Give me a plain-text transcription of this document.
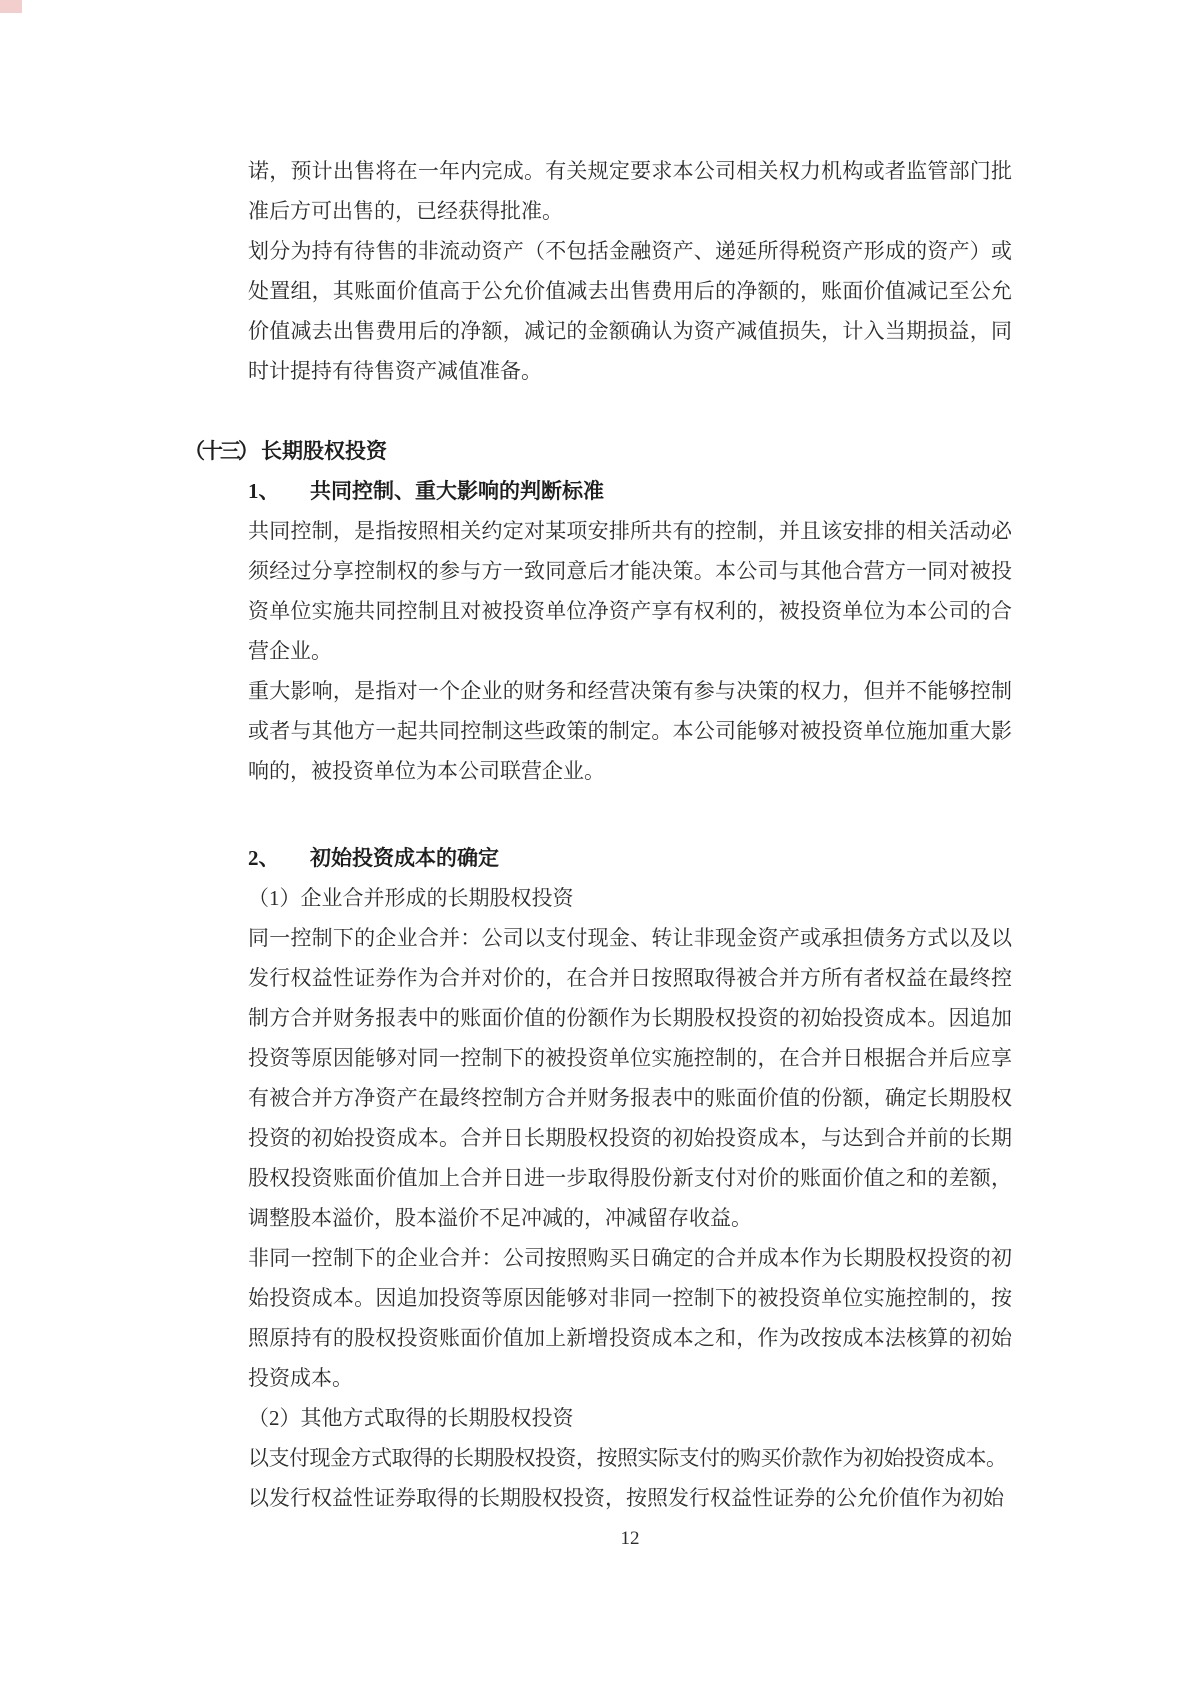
诺，预计出售将在一年内完成。有关规定要求本公司相关权力机构或者监管部门批准后方可出售的，已经获得批准。

划分为持有待售的非流动资产（不包括金融资产、递延所得税资产形成的资产）或处置组，其账面价值高于公允价值减去出售费用后的净额的，账面价值减记至公允价值减去出售费用后的净额，减记的金额确认为资产减值损失，计入当期损益，同时计提持有待售资产减值准备。

（十三） 长期股权投资
1、 共同控制、重大影响的判断标准

共同控制，是指按照相关约定对某项安排所共有的控制，并且该安排的相关活动必须经过分享控制权的参与方一致同意后才能决策。本公司与其他合营方一同对被投资单位实施共同控制且对被投资单位净资产享有权利的，被投资单位为本公司的合营企业。

重大影响，是指对一个企业的财务和经营决策有参与决策的权力，但并不能够控制或者与其他方一起共同控制这些政策的制定。本公司能够对被投资单位施加重大影响的，被投资单位为本公司联营企业。

2、 初始投资成本的确定

（1）企业合并形成的长期股权投资

同一控制下的企业合并：公司以支付现金、转让非现金资产或承担债务方式以及以发行权益性证券作为合并对价的，在合并日按照取得被合并方所有者权益在最终控制方合并财务报表中的账面价值的份额作为长期股权投资的初始投资成本。因追加投资等原因能够对同一控制下的被投资单位实施控制的，在合并日根据合并后应享有被合并方净资产在最终控制方合并财务报表中的账面价值的份额，确定长期股权投资的初始投资成本。合并日长期股权投资的初始投资成本，与达到合并前的长期股权投资账面价值加上合并日进一步取得股份新支付对价的账面价值之和的差额，调整股本溢价，股本溢价不足冲减的，冲减留存收益。

非同一控制下的企业合并：公司按照购买日确定的合并成本作为长期股权投资的初始投资成本。因追加投资等原因能够对非同一控制下的被投资单位实施控制的，按照原持有的股权投资账面价值加上新增投资成本之和，作为改按成本法核算的初始投资成本。

（2）其他方式取得的长期股权投资

以支付现金方式取得的长期股权投资，按照实际支付的购买价款作为初始投资成本。

以发行权益性证券取得的长期股权投资，按照发行权益性证券的公允价值作为初始

12
